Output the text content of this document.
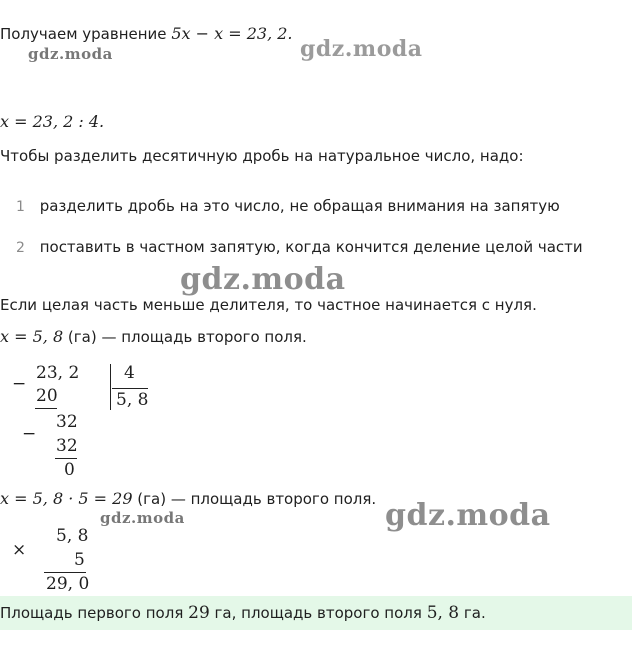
Получаем уравнение 5x − x = 23, 2.
gdz.moda	gdz.moda
x = 23, 2 : 4.
Чтобы разделить десятичную дробь на натуральное число, надо:
1 разделить дробь на это число, не обращая внимания на запятую
2 поставить в частном запятую, когда кончится деление целой части
gdz.moda
Если целая часть меньше делителя, то частное начинается с нуля.
x = 5, 8 (га) — площадь второго поля.
−
23, 2
20
4
5, 8
−
32
32
0
x = 5, 8 · 5 = 29 (га) — площадь второго поля.
gdz.moda	gdz.moda
×
5, 8
5
29, 0
Площадь первого поля 29 га, площадь второго поля 5, 8 га.
